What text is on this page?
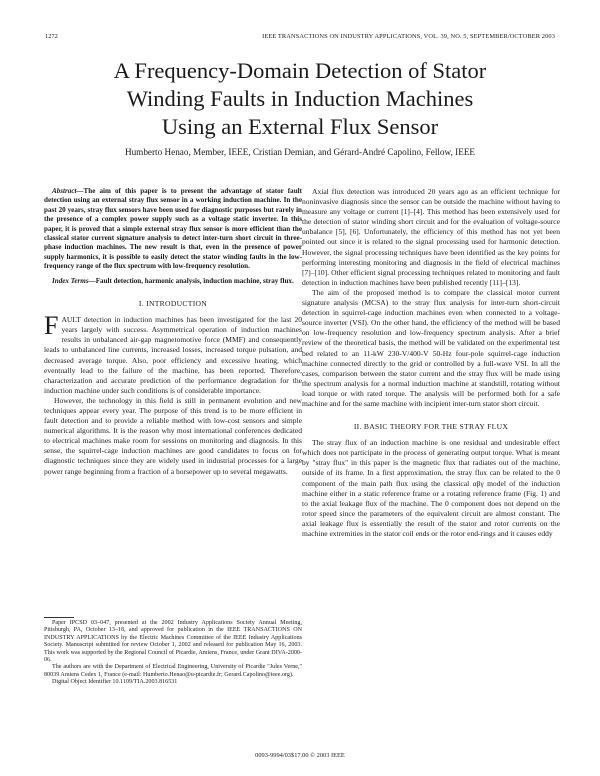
1272	IEEE TRANSACTIONS ON INDUSTRY APPLICATIONS, VOL. 39, NO. 5, SEPTEMBER/OCTOBER 2003
A Frequency-Domain Detection of Stator
Winding Faults in Induction Machines
Using an External Flux Sensor
Humberto Henao, Member, IEEE, Cristian Demian, and Gérard-André Capolino, Fellow, IEEE

Abstract—The aim of this paper is to present the advantage of stator fault detection using an external stray flux sensor in a working induction machine. In the past 20 years, stray flux sensors have been used for diagnostic purposes but rarely in the presence of a complex power supply such as a voltage static inverter. In this paper, it is proved that a simple external stray flux sensor is more efficient than the classical stator current signature analysis to detect inter-turn short circuit in three-phase induction machines. The new result is that, even in the presence of power supply harmonics, it is possible to easily detect the stator winding faults in the low-frequency range of the flux spectrum with low-frequency resolution.

Index Terms—Fault detection, harmonic analysis, induction machine, stray flux.

I. INTRODUCTION

FAULT detection in induction machines has been investigated for the last 20 years largely with success. Asymmetrical operation of induction machines results in unbalanced air-gap magnetomotive force (MMF) and consequently leads to unbalanced line currents, increased losses, increased torque pulsation, and decreased average torque. Also, poor efficiency and excessive heating, which eventually lead to the failure of the machine, has been reported. Therefore, characterization and accurate prediction of the performance degradation for the induction machine under such conditions is of considerable importance.

However, the technology in this field is still in permanent evolution and new techniques appear every year. The purpose of this trend is to be more efficient in fault detection and to provide a reliable method with low-cost sensors and simple numerical algorithms. It is the reason why most international conferences dedicated to electrical machines make room for sessions on monitoring and diagnosis. In this sense, the squirrel-cage induction machines are good candidates to focus on for diagnostic techniques since they are widely used in industrial processes for a large power range beginning from a fraction of a horsepower up to several megawatts.

Paper IPCSD 03–047, presented at the 2002 Industry Applications Society Annual Meeting, Pittsburgh, PA, October 13–18, and approved for publication in the IEEE TRANSACTIONS ON INDUSTRY APPLICATIONS by the Electric Machines Committee of the IEEE Industry Applications Society. Manuscript submitted for review October 1, 2002 and released for publication May 16, 2003. This work was supported by the Regional Council of Picardie, Amiens, France, under Grant DIVA-2000-06.

The authors are with the Department of Electrical Engineering, University of Picardie "Jules Verne," 80039 Amiens Cedex 1, France (e-mail: Humberto.Henao@u-picardie.fr; Gerard.Capolino@ieee.org).

Digital Object Identifier 10.1109/TIA.2003.816531

Axial flux detection was introduced 20 years ago as an efficient technique for noninvasive diagnosis since the sensor can be outside the machine without having to measure any voltage or current [1]–[4]. This method has been extensively used for the detection of stator winding short circuit and for the evaluation of voltage-source unbalance [5], [6]. Unfortunately, the efficiency of this method has not yet been pointed out since it is related to the signal processing used for harmonic detection. However, the signal processing techniques have been identified as the key points for performing interesting monitoring and diagnosis in the field of electrical machines [7]–[10]. Other efficient signal processing techniques related to monitoring and fault detection in induction machines have been published recently [11]–[13].

The aim of the proposed method is to compare the classical motor current signature analysis (MCSA) to the stray flux analysis for inter-turn short-circuit detection in squirrel-cage induction machines even when connected to a voltage-source inverter (VSI). On the other hand, the efficiency of the method will be based on low-frequency resolution and low-frequency spectrum analysis. After a brief review of the theoretical basis, the method will be validated on the experimental test bed related to an 11-kW 230-V/400-V 50-Hz four-pole squirrel-cage induction machine connected directly to the grid or controlled by a full-wave VSI. In all the cases, comparison between the stator current and the stray flux will be made using the spectrum analysis for a normal induction machine at standstill, rotating without load torque or with rated torque. The analysis will be performed both for a safe machine and for the same machine with incipient inter-turn stator short circuit.

II. BASIC THEORY FOR THE STRAY FLUX

The stray flux of an induction machine is one residual and undesirable effect which does not participate in the process of generating output torque. What is meant by "stray flux" in this paper is the magnetic flux that radiates out of the machine, outside of its frame. In a first approximation, the stray flux can be related to the 0 component of the main path flux using the classical αβγ model of the induction machine either in a static reference frame or a rotating reference frame (Fig. 1) and to the axial leakage flux of the machine. The 0 component does not depend on the rotor speed since the parameters of the equivalent circuit are almost constant. The axial leakage flux is essentially the result of the stator and rotor currents on the machine extremities in the stator coil ends or the rotor end-rings and it causes eddy

0093-9994/03$17.00 © 2003 IEEE
